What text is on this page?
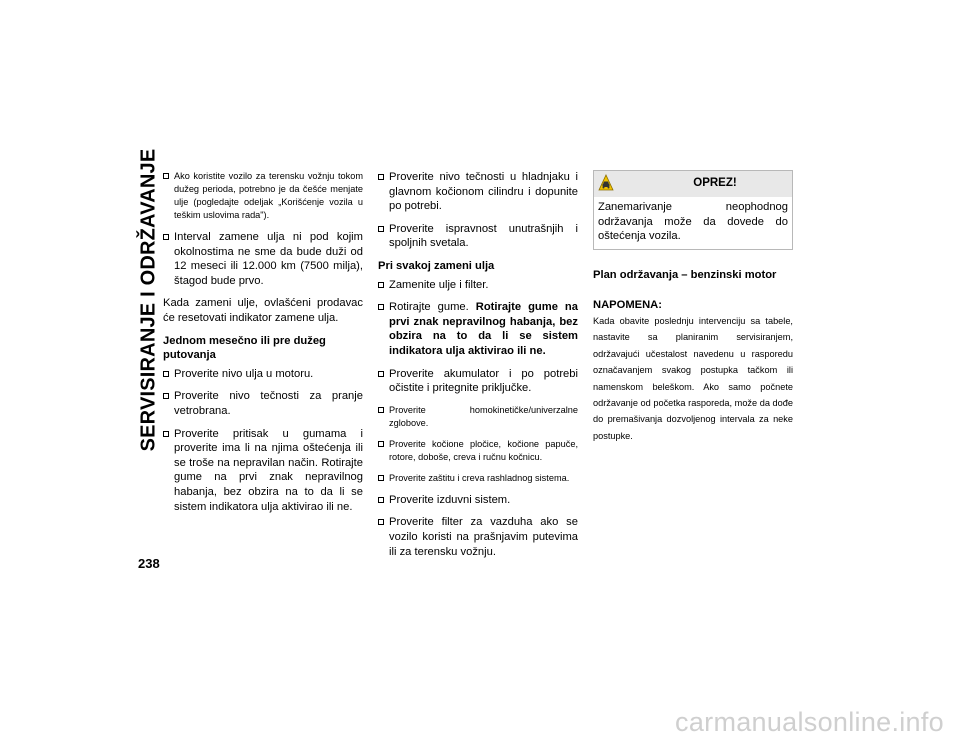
SERVISIRANJE I ODRŽAVANJE
238
Ako koristite vozilo za terensku vožnju tokom dužeg perioda, potrebno je da češće menjate ulje (pogledajte odeljak „Korišćenje vozila u teškim uslovima rada").
Interval zamene ulja ni pod kojim okolnostima ne sme da bude duži od 12 meseci ili 12.000 km (7500 milja), štagod bude prvo.
Kada zameni ulje, ovlašćeni prodavac će resetovati indikator zamene ulja.
Jednom mesečno ili pre dužeg putovanja
Proverite nivo ulja u motoru.
Proverite nivo tečnosti za pranje vetrobrana.
Proverite pritisak u gumama i proverite ima li na njima oštećenja ili se troše na nepravilan način. Rotirajte gume na prvi znak nepravilnog habanja, bez obzira na to da li se sistem indikatora ulja aktivirao ili ne.
Proverite nivo tečnosti u hladnjaku i glavnom kočionom cilindru i dopunite po potrebi.
Proverite ispravnost unutrašnjih i spoljnih svetala.
Pri svakoj zameni ulja
Zamenite ulje i filter.
Rotirajte gume. Rotirajte gume na prvi znak nepravilnog habanja, bez obzira na to da li se sistem indikatora ulja aktivirao ili ne.
Proverite akumulator i po potrebi očistite i pritegnite priključke.
Proverite homokinetičke/univerzalne zglobove.
Proverite kočione pločice, kočione papuče, rotore, doboše, creva i ručnu kočnicu.
Proverite zaštitu i creva rashladnog sistema.
Proverite izduvni sistem.
Proverite filter za vazduha ako se vozilo koristi na prašnjavim putevima ili za terensku vožnju.
OPREZ!
Zanemarivanje neophodnog održavanja može da dovede do oštećenja vozila.
Plan održavanja – benzinski motor
NAPOMENA:
Kada obavite poslednju intervenciju sa tabele, nastavite sa planiranim servisiranjem, održavajući učestalost navedenu u rasporedu označavanjem svakog postupka tačkom ili namenskom beleškom. Ako samo počnete održavanje od početka rasporeda, može da dođe do premašivanja dozvoljenog intervala za neke postupke.
carmanualsonline.info
